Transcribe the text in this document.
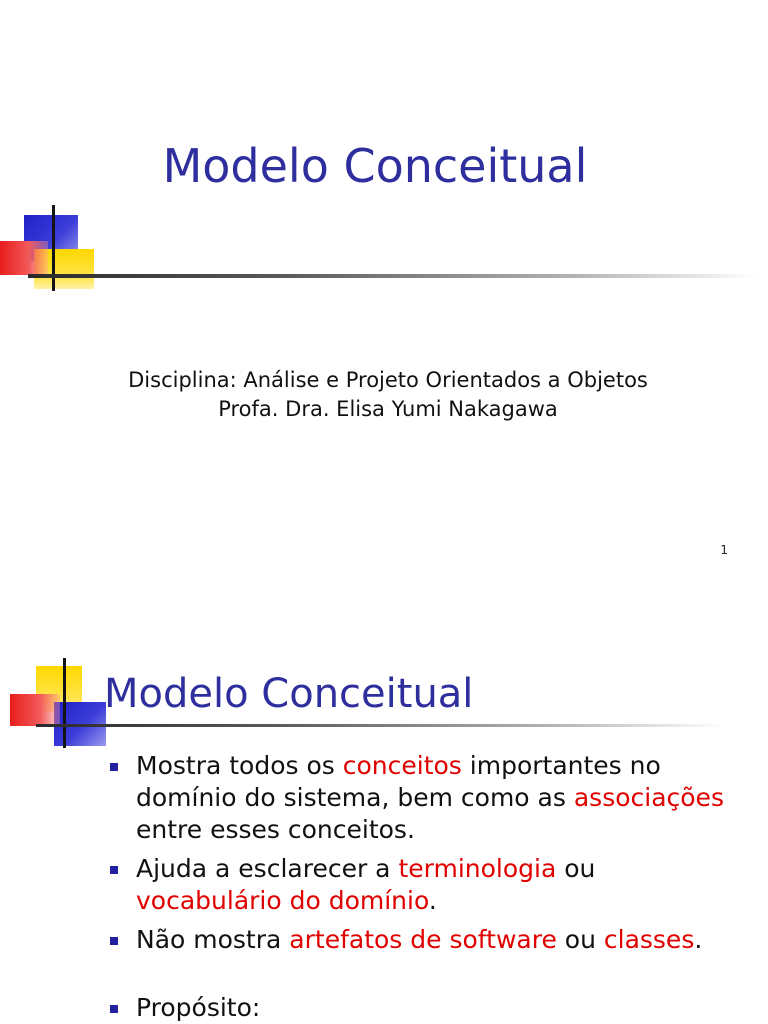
Modelo Conceitual
Disciplina: Análise e Projeto Orientados a Objetos
Profa. Dra. Elisa Yumi Nakagawa
1
Modelo Conceitual
Mostra todos os conceitos importantes no domínio do sistema, bem como as associações entre esses conceitos.
Ajuda a esclarecer a terminologia ou vocabulário do domínio.
Não mostra artefatos de software ou classes.
Propósito:
